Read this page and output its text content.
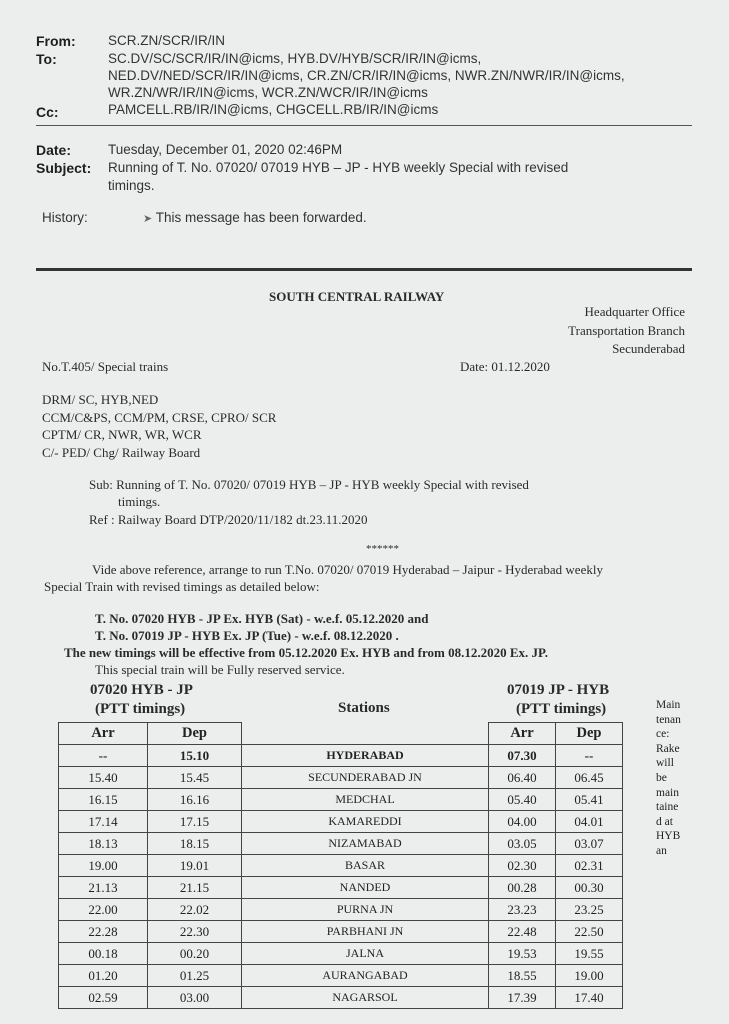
From: SCR.ZN/SCR/IR/IN
To:	SC.DV/SC/SCR/IR/IN@icms, HYB.DV/HYB/SCR/IR/IN@icms,
NED.DV/NED/SCR/IR/IN@icms, CR.ZN/CR/IR/IN@icms, NWR.ZN/NWR/IR/IN@icms,
WR.ZN/WR/IR/IN@icms, WCR.ZN/WCR/IR/IN@icms
Cc:	PAMCELL.RB/IR/IN@icms, CHGCELL.RB/IR/IN@icms
Date:	Tuesday, December 01, 2020 02:46PM
Subject: Running of T. No. 07020/ 07019 HYB – JP - HYB weekly Special with revised
timings.
History:	➤ This message has been forwarded.
SOUTH CENTRAL RAILWAY
Headquarter Office
Transportation Branch
Secunderabad
No.T.405/ Special trains	Date: 01.12.2020
DRM/ SC, HYB,NED
CCM/C&PS, CCM/PM, CRSE, CPRO/ SCR
CPTM/ CR, NWR, WR, WCR
C/- PED/ Chg/ Railway Board
Sub: Running of T. No. 07020/ 07019 HYB – JP - HYB weekly Special with revised
timings.
Ref : Railway Board DTP/2020/11/182 dt.23.11.2020
******
Vide above reference, arrange to run T.No. 07020/ 07019 Hyderabad – Jaipur - Hyderabad weekly
Special Train with revised timings as detailed below:
T. No. 07020 HYB - JP Ex. HYB (Sat) - w.e.f. 05.12.2020 and
T. No. 07019 JP - HYB Ex. JP (Tue) - w.e.f. 08.12.2020 .
The new timings will be effective from 05.12.2020 Ex. HYB and from 08.12.2020 Ex. JP.
This special train will be Fully reserved service.
07020 HYB - JP
(PTT timings)	Stations
07019 JP - HYB
(PTT timings)
Arr	Dep		Arr	Dep
--	15.10	HYDERABAD	07.30	--
15.40	15.45	SECUNDERABAD JN	06.40	06.45
16.15	16.16	MEDCHAL	05.40	05.41
17.14	17.15	KAMAREDDI	04.00	04.01
18.13	18.15	NIZAMABAD	03.05	03.07
19.00	19.01	BASAR	02.30	02.31
21.13	21.15	NANDED	00.28	00.30
22.00	22.02	PURNA JN	23.23	23.25
22.28	22.30	PARBHANI JN	22.48	22.50
00.18	00.20	JALNA	19.53	19.55
01.20	01.25	AURANGABAD	18.55	19.00
02.59	03.00	NAGARSOL	17.39	17.40
Maintenance: Rake will be maintained at HYB an
